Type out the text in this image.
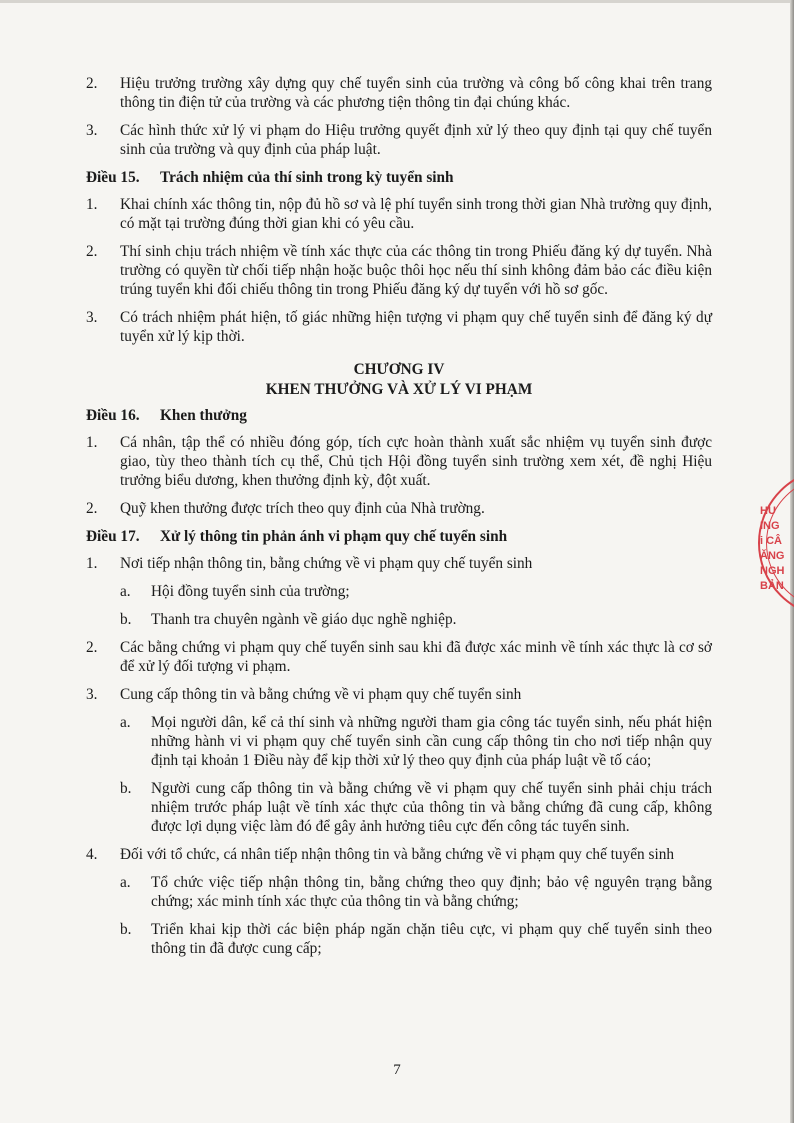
2. Hiệu trưởng trường xây dựng quy chế tuyển sinh của trường và công bố công khai trên trang thông tin điện tử của trường và các phương tiện thông tin đại chúng khác.
3. Các hình thức xử lý vi phạm do Hiệu trưởng quyết định xử lý theo quy định tại quy chế tuyển sinh của trường và quy định của pháp luật.
Điều 15. Trách nhiệm của thí sinh trong kỳ tuyển sinh
1. Khai chính xác thông tin, nộp đủ hồ sơ và lệ phí tuyển sinh trong thời gian Nhà trường quy định, có mặt tại trường đúng thời gian khi có yêu cầu.
2. Thí sinh chịu trách nhiệm về tính xác thực của các thông tin trong Phiếu đăng ký dự tuyển. Nhà trường có quyền từ chối tiếp nhận hoặc buộc thôi học nếu thí sinh không đảm bảo các điều kiện trúng tuyển khi đối chiếu thông tin trong Phiếu đăng ký dự tuyển với hồ sơ gốc.
3. Có trách nhiệm phát hiện, tố giác những hiện tượng vi phạm quy chế tuyển sinh để đăng ký dự tuyển xử lý kịp thời.
CHƯƠNG IV
KHEN THƯỞNG VÀ XỬ LÝ VI PHẠM
Điều 16. Khen thưởng
1. Cá nhân, tập thể có nhiều đóng góp, tích cực hoàn thành xuất sắc nhiệm vụ tuyển sinh được giao, tùy theo thành tích cụ thể, Chủ tịch Hội đồng tuyển sinh trường xem xét, đề nghị Hiệu trưởng biểu dương, khen thưởng định kỳ, đột xuất.
2. Quỹ khen thưởng được trích theo quy định của Nhà trường.
Điều 17. Xử lý thông tin phản ánh vi phạm quy chế tuyển sinh
1. Nơi tiếp nhận thông tin, bằng chứng về vi phạm quy chế tuyển sinh
a. Hội đồng tuyển sinh của trường;
b. Thanh tra chuyên ngành về giáo dục nghề nghiệp.
2. Các bằng chứng vi phạm quy chế tuyển sinh sau khi đã được xác minh về tính xác thực là cơ sở để xử lý đối tượng vi phạm.
3. Cung cấp thông tin và bằng chứng về vi phạm quy chế tuyển sinh
a. Mọi người dân, kể cả thí sinh và những người tham gia công tác tuyển sinh, nếu phát hiện những hành vi vi phạm quy chế tuyển sinh cần cung cấp thông tin cho nơi tiếp nhận quy định tại khoản 1 Điều này để kịp thời xử lý theo quy định của pháp luật về tố cáo;
b. Người cung cấp thông tin và bằng chứng về vi phạm quy chế tuyển sinh phải chịu trách nhiệm trước pháp luật về tính xác thực của thông tin và bằng chứng đã cung cấp, không được lợi dụng việc làm đó để gây ảnh hưởng tiêu cực đến công tác tuyển sinh.
4. Đối với tổ chức, cá nhân tiếp nhận thông tin và bằng chứng về vi phạm quy chế tuyển sinh
a. Tổ chức việc tiếp nhận thông tin, bằng chứng theo quy định; bảo vệ nguyên trạng bằng chứng; xác minh tính xác thực của thông tin và bằng chứng;
b. Triển khai kịp thời các biện pháp ngăn chặn tiêu cực, vi phạm quy chế tuyển sinh theo thông tin đã được cung cấp;
7
HU
ING
i CÂ
ĂNG
NGH
BẢN
